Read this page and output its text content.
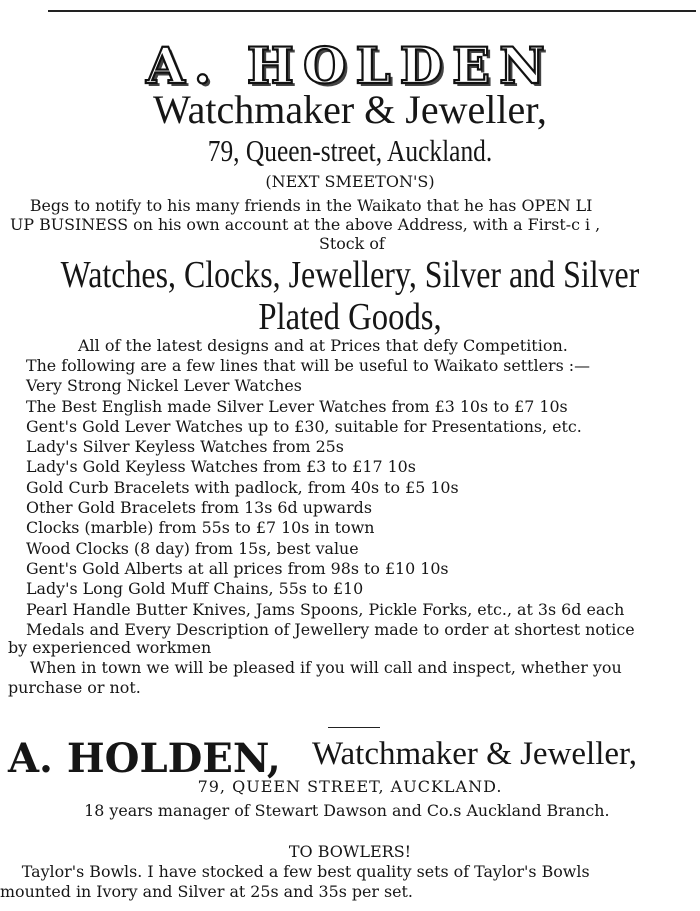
A. HOLDEN
Watchmaker & Jeweller,
79, Queen-street, Auckland.
(NEXT SMEETON'S)
Begs to notify to his many friends in the Waikato that he has OPEN LI
UP BUSINESS on his own account at the above Address, with a First-c i ,
Stock of
Watches, Clocks, Jewellery, Silver and Silver
Plated Goods,
All of the latest designs and at Prices that defy Competition.
The following are a few lines that will be useful to Waikato settlers :—
Very Strong Nickel Lever Watches
The Best English made Silver Lever Watches from £3 10s to £7 10s
Gent's Gold Lever Watches up to £30, suitable for Presentations, etc.
Lady's Silver Keyless Watches from 25s
Lady's Gold Keyless Watches from £3 to £17 10s
Gold Curb Bracelets with padlock, from 40s to £5 10s
Other Gold Bracelets from 13s 6d upwards
Clocks (marble) from 55s to £7 10s in town
Wood Clocks (8 day) from 15s, best value
Gent's Gold Alberts at all prices from 98s to £10 10s
Lady's Long Gold Muff Chains, 55s to £10
Pearl Handle Butter Knives, Jams Spoons, Pickle Forks, etc., at 3s 6d each
Medals and Every Description of Jewellery made to order at shortest notice
by experienced workmen
When in town we will be pleased if you will call and inspect, whether you
purchase or not.
A. HOLDEN, Watchmaker & Jeweller,
79, QUEEN STREET, AUCKLAND.
18 years manager of Stewart Dawson and Co.s Auckland Branch.
TO BOWLERS!
Taylor's Bowls. I have stocked a few best quality sets of Taylor's Bowls
mounted in Ivory and Silver at 25s and 35s per set.
